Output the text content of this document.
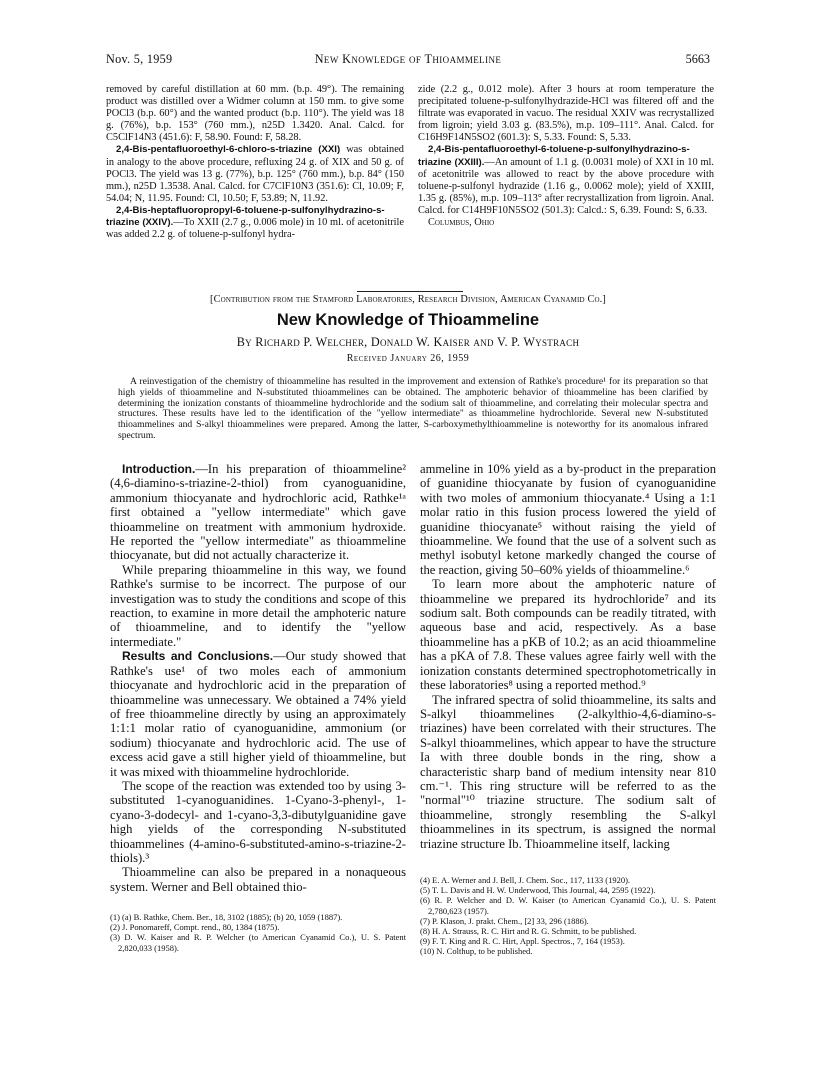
Nov. 5, 1959	New Knowledge of Thioammeline	5663

removed by careful distillation at 60 mm. (b.p. 49°). The remaining product was distilled over a Widmer column at 150 mm. to give some POCl3 (b.p. 60°) and the wanted product (b.p. 110°). The yield was 18 g. (76%), b.p. 153° (760 mm.), n25D 1.3420. Anal. Calcd. for C5ClF14N3 (451.6): F, 58.90. Found: F, 58.28.

2,4-Bis-pentafluoroethyl-6-chloro-s-triazine (XXI) was obtained in analogy to the above procedure, refluxing 24 g. of XIX and 50 g. of POCl3. The yield was 13 g. (77%), b.p. 125° (760 mm.), b.p. 84° (150 mm.), n25D 1.3538. Anal. Calcd. for C7ClF10N3 (351.6): Cl, 10.09; F, 54.04; N, 11.95. Found: Cl, 10.50; F, 53.89; N, 11.92.

2,4-Bis-heptafluoropropyl-6-toluene-p-sulfonylhydrazino-s-triazine (XXIV).—To XXII (2.7 g., 0.006 mole) in 10 ml. of acetonitrile was added 2.2 g. of toluene-p-sulfonyl hydra-

zide (2.2 g., 0.012 mole). After 3 hours at room temperature the precipitated toluene-p-sulfonylhydrazide-HCl was filtered off and the filtrate was evaporated in vacuo. The residual XXIV was recrystallized from ligroin; yield 3.03 g. (83.5%), m.p. 109–111°. Anal. Calcd. for C16H9F14N5SO2 (601.3): S, 5.33. Found: S, 5.33.

2,4-Bis-pentafluoroethyl-6-toluene-p-sulfonylhydrazino-s-triazine (XXIII).—An amount of 1.1 g. (0.0031 mole) of XXI in 10 ml. of acetonitrile was allowed to react by the above procedure with toluene-p-sulfonyl hydrazide (1.16 g., 0.0062 mole); yield of XXIII, 1.35 g. (85%), m.p. 109–113° after recrystallization from ligroin. Anal. Calcd. for C14H9F10N5SO2 (501.3): Calcd.: S, 6.39. Found: S, 6.33.

Columbus, Ohio

[Contribution from the Stamford Laboratories, Research Division, American Cyanamid Co.]
New Knowledge of Thioammeline
By Richard P. Welcher, Donald W. Kaiser and V. P. Wystrach
Received January 26, 1959
A reinvestigation of the chemistry of thioammeline has resulted in the improvement and extension of Rathke's procedure¹ for its preparation so that high yields of thioammeline and N-substituted thioammelines can be obtained. The amphoteric behavior of thioammeline has been clarified by determining the ionization constants of thioammeline hydrochloride and the sodium salt of thioammeline, and correlating their molecular spectra and structures. These results have led to the identification of the "yellow intermediate" as thioammeline hydrochloride. Several new N-substituted thioammelines and S-alkyl thioammelines were prepared. Among the latter, S-carboxymethylthioammeline is noteworthy for its anomalous infrared spectrum.

Introduction.—In his preparation of thioammeline² (4,6-diamino-s-triazine-2-thiol) from cyanoguanidine, ammonium thiocyanate and hydrochloric acid, Rathke¹ᵃ first obtained a "yellow intermediate" which gave thioammeline on treatment with ammonium hydroxide. He reported the "yellow intermediate" as thioammeline thiocyanate, but did not actually characterize it.

While preparing thioammeline in this way, we found Rathke's surmise to be incorrect. The purpose of our investigation was to study the conditions and scope of this reaction, to examine in more detail the amphoteric nature of thioammeline, and to identify the "yellow intermediate."

Results and Conclusions.—Our study showed that Rathke's use¹ of two moles each of ammonium thiocyanate and hydrochloric acid in the preparation of thioammeline was unnecessary. We obtained a 74% yield of free thioammeline directly by using an approximately 1:1:1 molar ratio of cyanoguanidine, ammonium (or sodium) thiocyanate and hydrochloric acid. The use of excess acid gave a still higher yield of thioammeline, but it was mixed with thioammeline hydrochloride.

The scope of the reaction was extended too by using 3-substituted 1-cyanoguanidines. 1-Cyano-3-phenyl-, 1-cyano-3-dodecyl- and 1-cyano-3,3-dibutylguanidine gave high yields of the corresponding N-substituted thioammelines (4-amino-6-substituted-amino-s-triazine-2-thiols).³

Thioammeline can also be prepared in a nonaqueous system. Werner and Bell obtained thio-

ammeline in 10% yield as a by-product in the preparation of guanidine thiocyanate by fusion of cyanoguanidine with two moles of ammonium thiocyanate.⁴ Using a 1:1 molar ratio in this fusion process lowered the yield of guanidine thiocyanate⁵ without raising the yield of thioammeline. We found that the use of a solvent such as methyl isobutyl ketone markedly changed the course of the reaction, giving 50–60% yields of thioammeline.⁶

To learn more about the amphoteric nature of thioammeline we prepared its hydrochloride⁷ and its sodium salt. Both compounds can be readily titrated, with aqueous base and acid, respectively. As a base thioammeline has a pKB of 10.2; as an acid thioammeline has a pKA of 7.8. These values agree fairly well with the ionization constants determined spectrophotometrically in these laboratories⁸ using a reported method.⁹

The infrared spectra of solid thioammeline, its salts and S-alkyl thioammelines (2-alkylthio-4,6-diamino-s-triazines) have been correlated with their structures. The S-alkyl thioammelines, which appear to have the structure Ia with three double bonds in the ring, show a characteristic sharp band of medium intensity near 810 cm.⁻¹. This ring structure will be referred to as the "normal"¹⁰ triazine structure. The sodium salt of thioammeline, strongly resembling the S-alkyl thioammelines in its spectrum, is assigned the normal triazine structure Ib. Thioammeline itself, lacking

(1) (a) B. Rathke, Chem. Ber., 18, 3102 (1885); (b) 20, 1059 (1887).

(2) J. Ponomareff, Compt. rend., 80, 1384 (1875).

(3) D. W. Kaiser and R. P. Welcher (to American Cyanamid Co.), U. S. Patent 2,820,033 (1958).

(4) E. A. Werner and J. Bell, J. Chem. Soc., 117, 1133 (1920).

(5) T. L. Davis and H. W. Underwood, This Journal, 44, 2595 (1922).

(6) R. P. Welcher and D. W. Kaiser (to American Cyanamid Co.), U. S. Patent 2,780,623 (1957).

(7) P. Klason, J. prakt. Chem., [2] 33, 296 (1886).

(8) H. A. Strauss, R. C. Hirt and R. G. Schmitt, to be published.

(9) F. T. King and R. C. Hirt, Appl. Spectros., 7, 164 (1953).

(10) N. Colthup, to be published.
